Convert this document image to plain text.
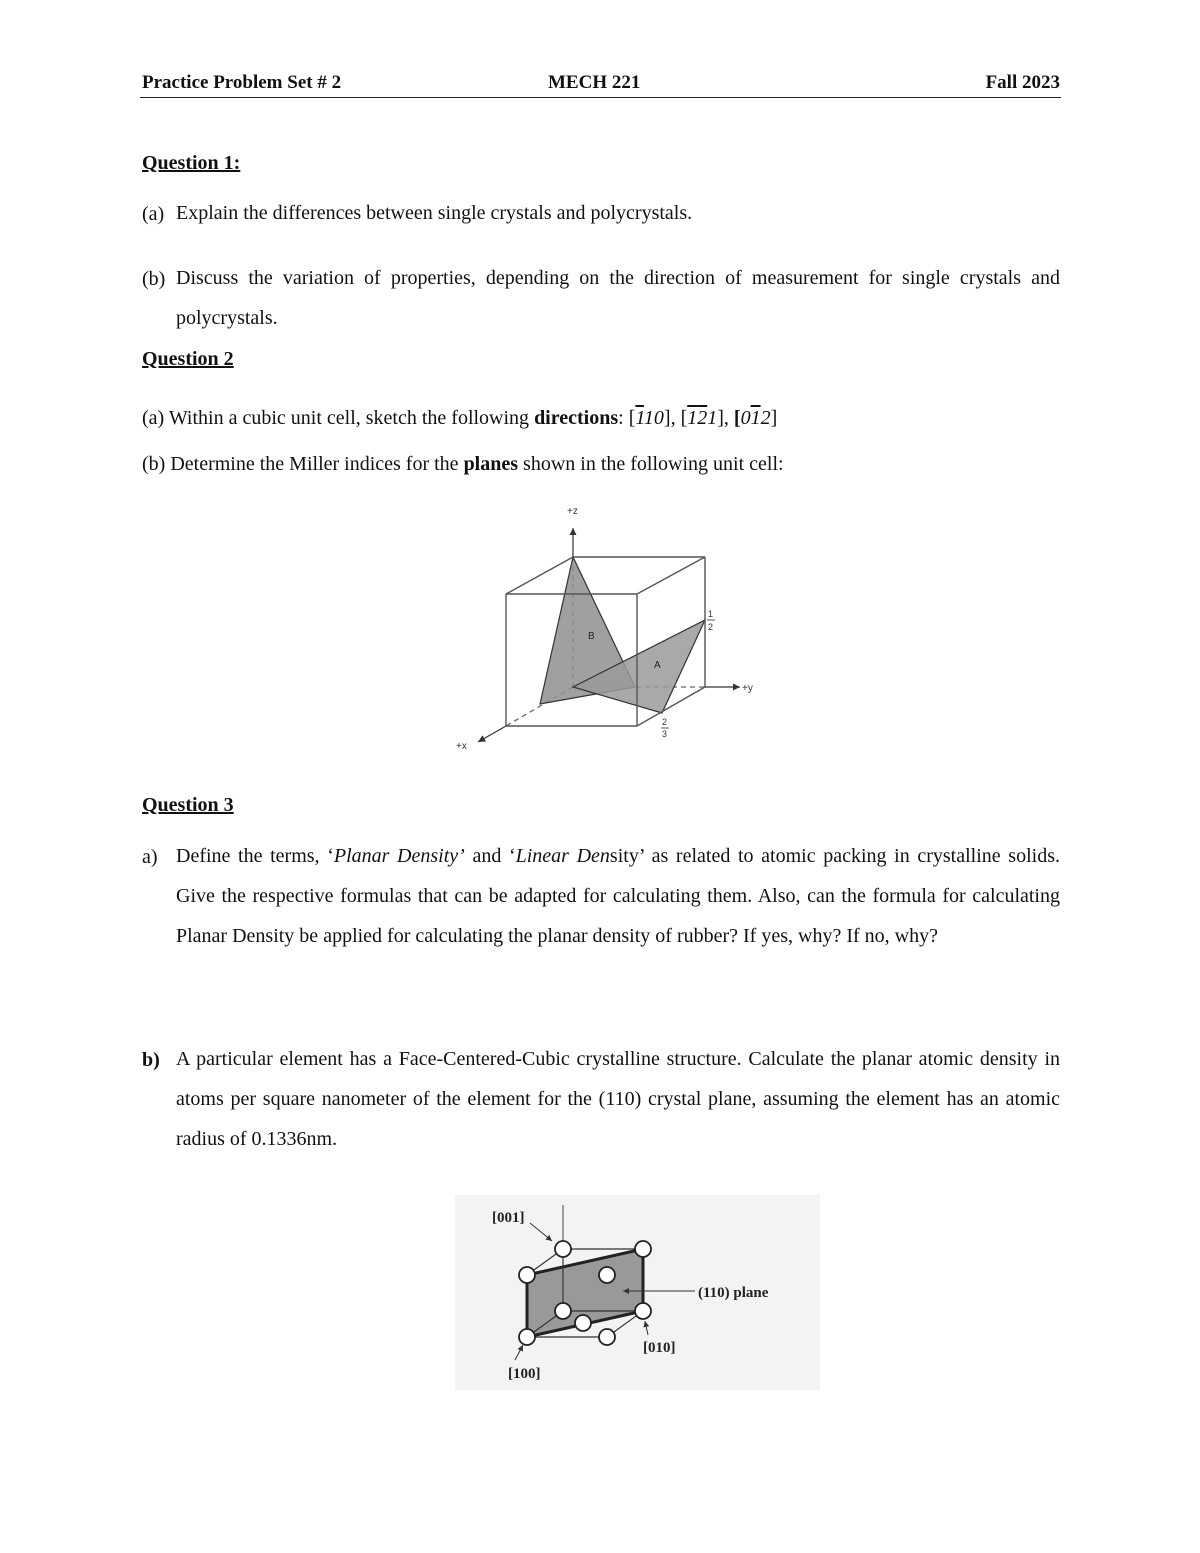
Practice Problem Set # 2	MECH 221	Fall 2023
Question 1:
(a) Explain the differences between single crystals and polycrystals.
(b) Discuss the variation of properties, depending on the direction of measurement for single crystals and polycrystals.
Question 2
(a) Within a cubic unit cell, sketch the following directions: [110], [121], [012]
(b) Determine the Miller indices for the planes shown in the following unit cell:
+z
+y
+x
B
A
1
2
2
3
Question 3
a) Define the terms, ‘Planar Density’ and ‘Linear Density’ as related to atomic packing in crystalline solids. Give the respective formulas that can be adapted for calculating them. Also, can the formula for calculating Planar Density be applied for calculating the planar density of rubber? If yes, why? If no, why?
b) A particular element has a Face-Centered-Cubic crystalline structure. Calculate the planar atomic density in atoms per square nanometer of the element for the (110) crystal plane, assuming the element has an atomic radius of 0.1336nm.
[001]
(110) plane
[010]
[100]
